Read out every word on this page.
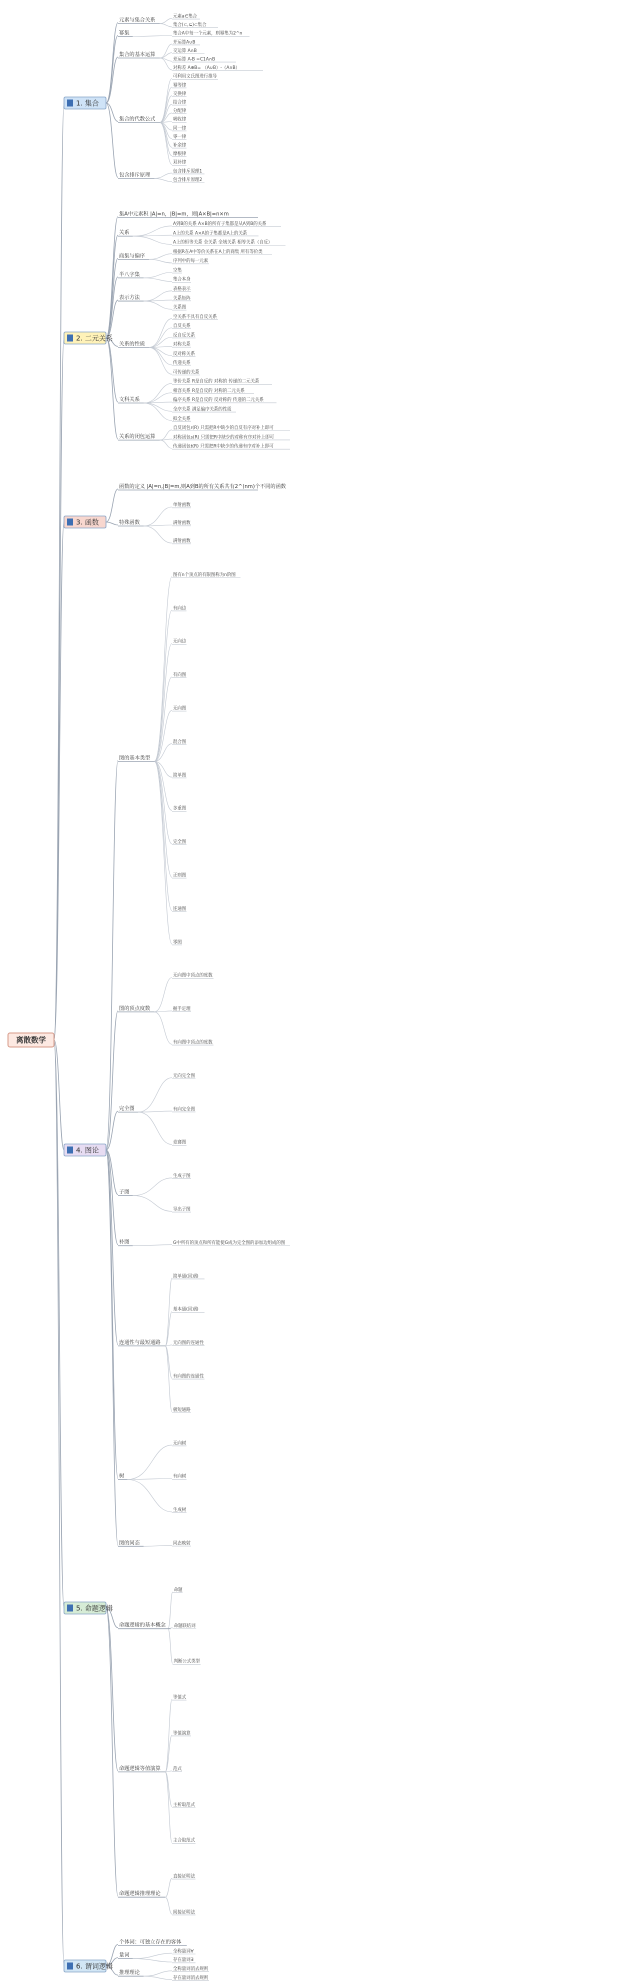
离散数学
1. 集合
元素与集合关系
元素a∈集合
集合(⊂,⊆)⊂集合
幂集	集合A中每一个元素，则幂集为2^n
集合的基本运算
并运算A∪B
交运算 A∩B
差运算 A-B =C1A∩B
对称差 A⊕B= （A∪B）-（A∩B）
集合的代数公式
可利用文氏图进行推导
幂等律
交换律
结合律
分配律
吸收律
同一律
零一律
补余律
摩根律
双补律
包含排斥原理
包含排斥原理1
包含排斥原理2
2. 二元关系
集A中元素积 |A|=n，|B|=m，则|A×B|=n×m
关系
A到B的关系 A×B的所有子集都是从A到B的关系
A上的关系 A×A的子集都是A上的关系
A上的恒等关系 全关系 全域关系 相等关系（自反）
商集与偏序
根据R在A中等价关系在A上的商集 所有等价类
序列中的每一元素
半八字集
空集
集合本身
表示方法
表格表示
关系矩阵
关系图
关系的性质
空关系不具有自反关系
自反关系
反自反关系
对称关系
反对称关系
传递关系
可传递的关系
文科关系
等价关系 R是自反的 对称的 传递的二元关系
相容关系 R是自反的 对称的二元关系
偏序关系 R是自反的 反对称的 传递的二元关系
全序关系 满足偏序关系的性质
拟全关系
关系的闭包运算
自反闭包r(R) 只需把R中缺少的自反有序对补上即可
对称闭包s(R) 只需把R中缺少的对称有序对补上即可
传递闭包t(R) 只需把R中缺少的传递有序对补上即可
3. 函数
函数的定义 |A|=n,|B|=m,则A到B的所有关系共有2^(nm)个不同的函数
特殊函数
单射函数
满射函数
满射函数
4. 图论
图的基本类型
图有n个顶点的有限图称为n阶图
有向边
无向边
有向图
无向图
混合图
简单图
多重图
完全图
正则图
连通图
零图
图的顶点度数
无向图中顶点的度数
握手定理
有向图中顶点的度数
完全图
无向完全图
有向完全图
竞赛图
子图
生成子图
导出子图
补图	G中所有的顶点和所有能使G成为完全图的添加边组成的图
连通性与最短通路
简单通(回)路
基本通(回)路
无向图的连通性
有向图的连通性
极短通路
树
无向树
有向树
生成树
图的同态	同态映射
5. 命题逻辑
命题逻辑的基本概念
命题
命题联结词
判断公式类型
命题逻辑等值演算
等值式
等值演算
范式
主析取范式
主合取范式
命题逻辑推理理论
直接证明法
间接证明法
6. 谓词逻辑
个体词：可独立存在的客体
量词
全称量词∀
存在量词∃
推理理论
全称量词消去规则
存在量词消去规则
